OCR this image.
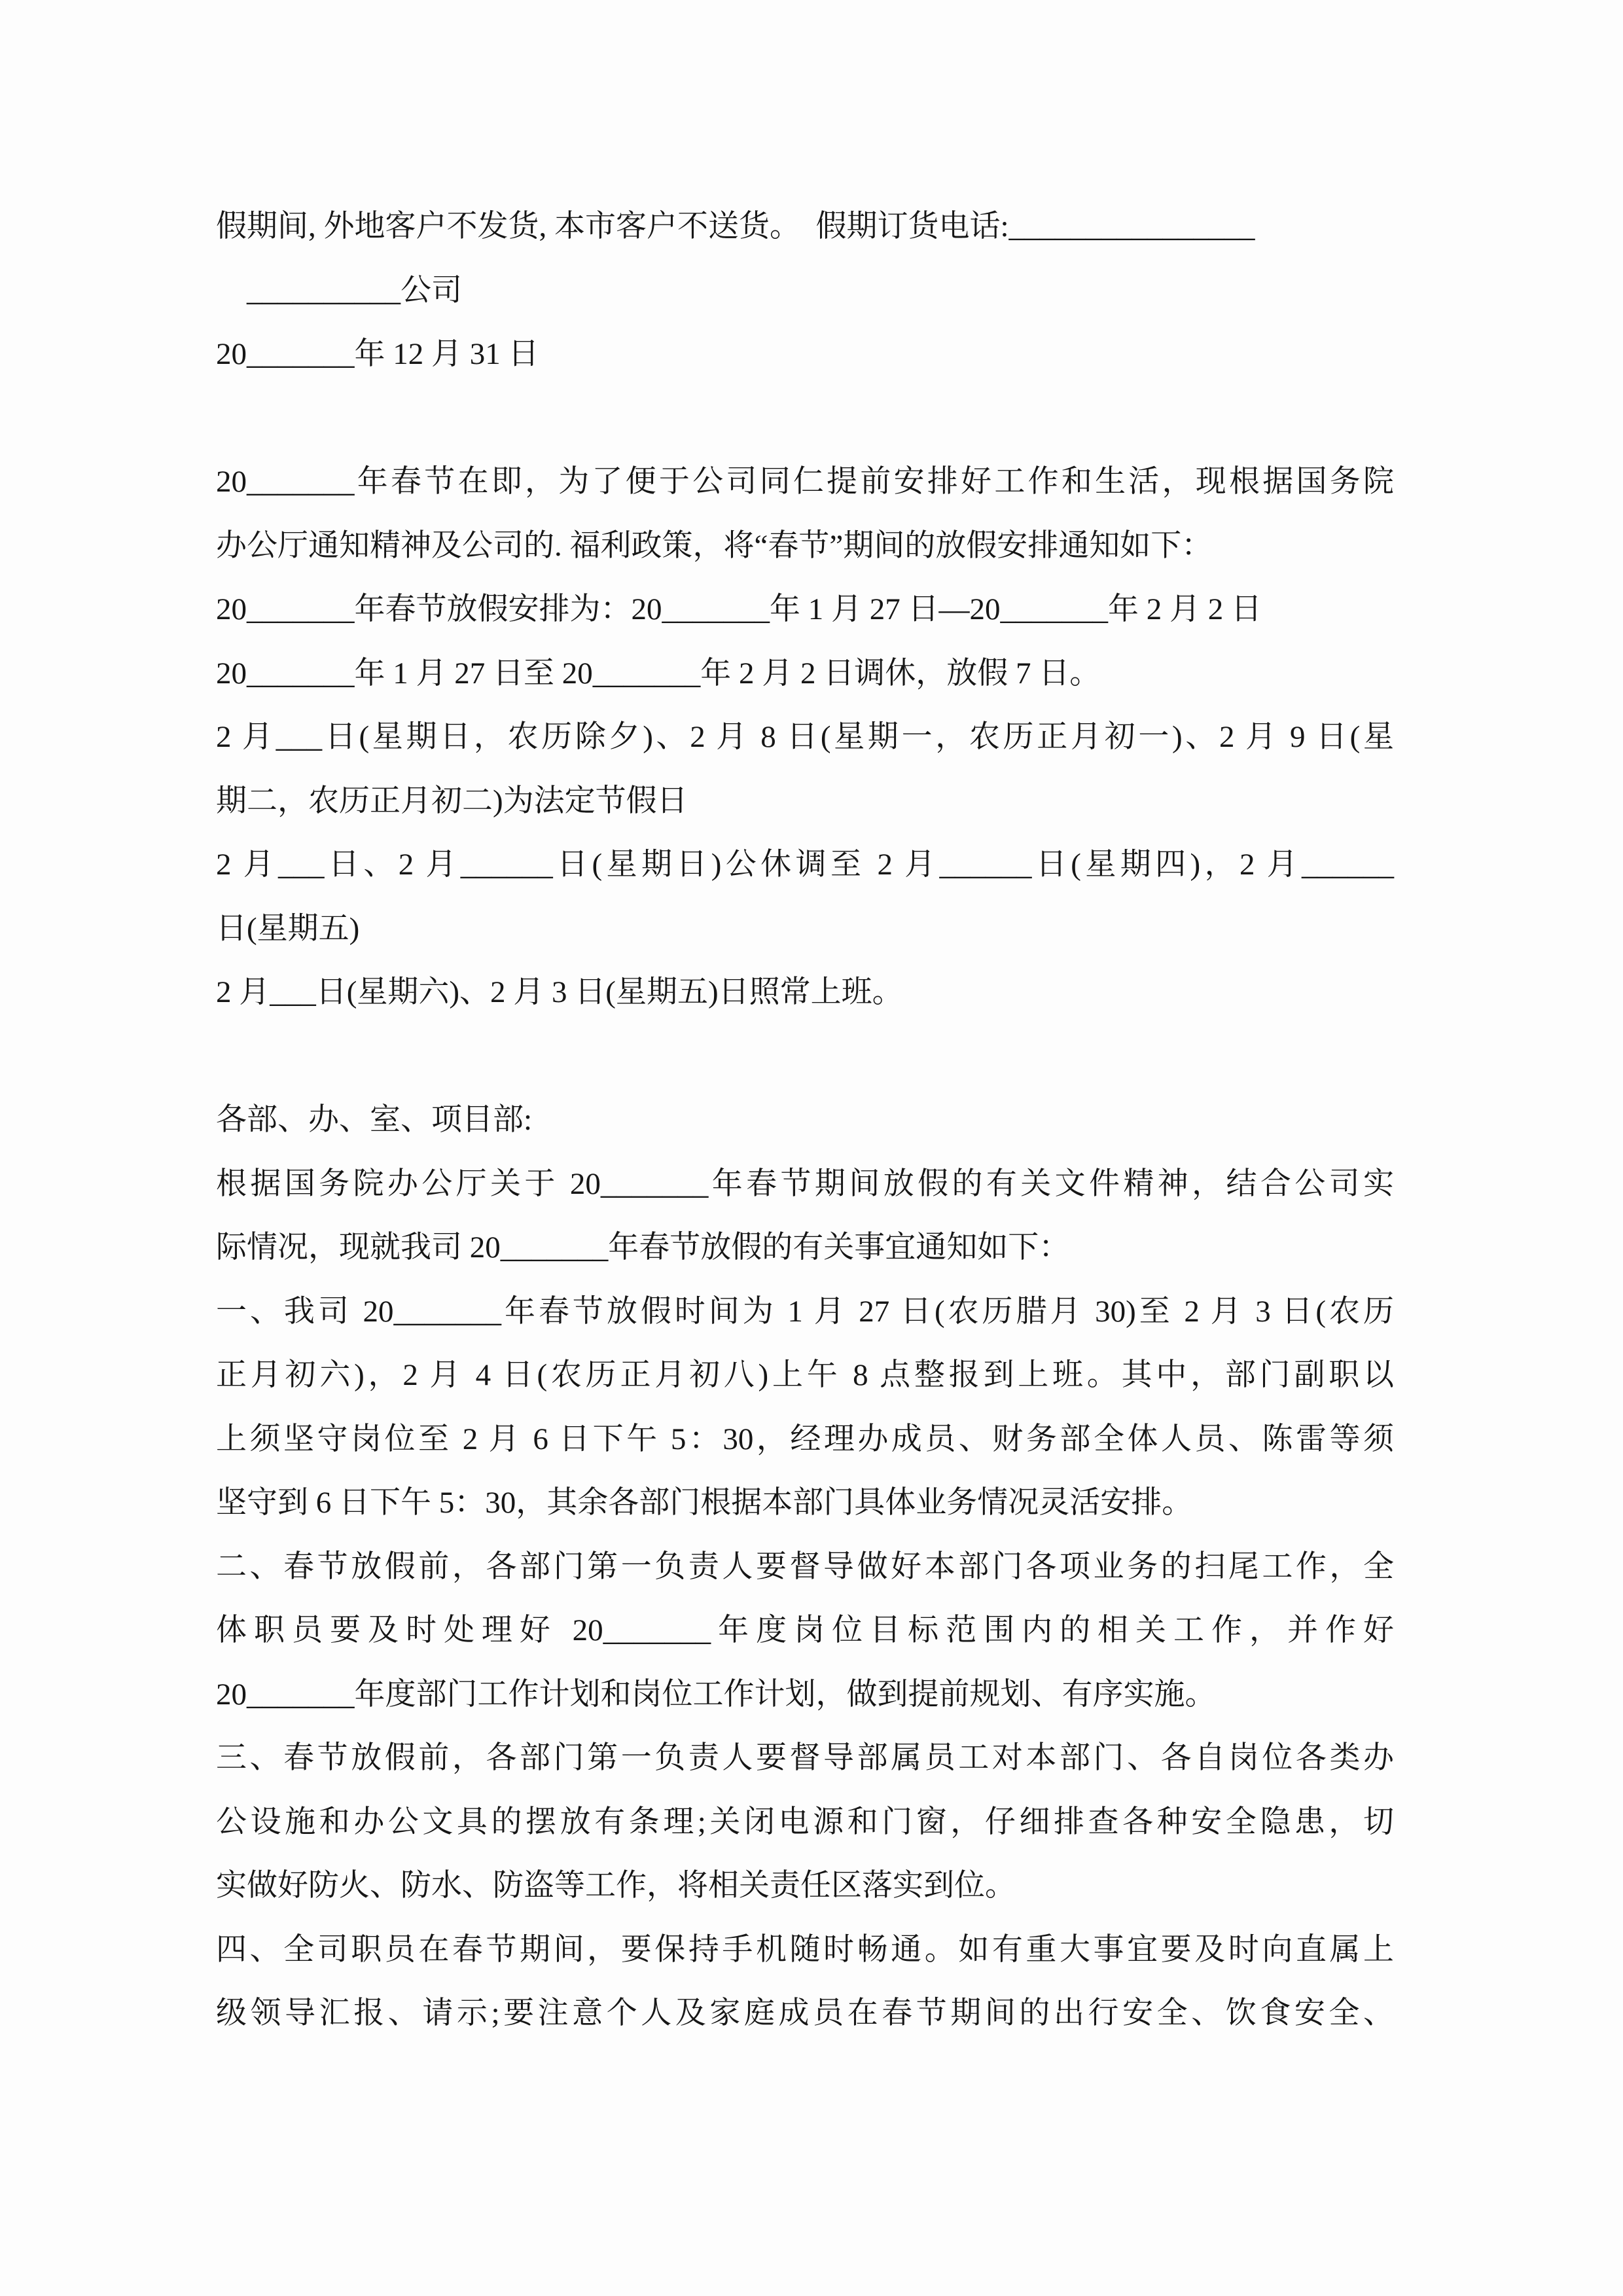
假期间, 外地客户不发货, 本市客户不送货。　假期订货电话:________________

　__________公司

20_______年 12 月 31 日

20_______年春节在即，为了便于公司同仁提前安排好工作和生活，现根据国务院

办公厅通知精神及公司的. 福利政策，将“春节”期间的放假安排通知如下：

20_______年春节放假安排为：20_______年 1 月 27 日—20_______年 2 月 2 日

20_______年 1 月 27 日至 20_______年 2 月 2 日调休，放假 7 日。

2 月___日(星期日，农历除夕)、2 月 8 日(星期一，农历正月初一)、2 月 9 日(星

期二，农历正月初二)为法定节假日

2 月___日、2 月______日(星期日)公休调至 2 月______日(星期四)，2 月______

日(星期五)

2 月___日(星期六)、2 月 3 日(星期五)日照常上班。

各部、办、室、项目部:

根据国务院办公厅关于 20_______年春节期间放假的有关文件精神，结合公司实

际情况，现就我司 20_______年春节放假的有关事宜通知如下：

一、我司 20_______年春节放假时间为 1 月 27 日(农历腊月 30)至 2 月 3 日(农历

正月初六)，2 月 4 日(农历正月初八)上午 8 点整报到上班。其中，部门副职以

上须坚守岗位至 2 月 6 日下午 5：30，经理办成员、财务部全体人员、陈雷等须

坚守到 6 日下午 5：30，其余各部门根据本部门具体业务情况灵活安排。

二、春节放假前，各部门第一负责人要督导做好本部门各项业务的扫尾工作，全

体职员要及时处理好 20_______年度岗位目标范围内的相关工作，并作好

20_______年度部门工作计划和岗位工作计划，做到提前规划、有序实施。

三、春节放假前，各部门第一负责人要督导部属员工对本部门、各自岗位各类办

公设施和办公文具的摆放有条理;关闭电源和门窗，仔细排查各种安全隐患，切

实做好防火、防水、防盗等工作，将相关责任区落实到位。

四、全司职员在春节期间，要保持手机随时畅通。如有重大事宜要及时向直属上

级领导汇报、请示;要注意个人及家庭成员在春节期间的出行安全、饮食安全、
